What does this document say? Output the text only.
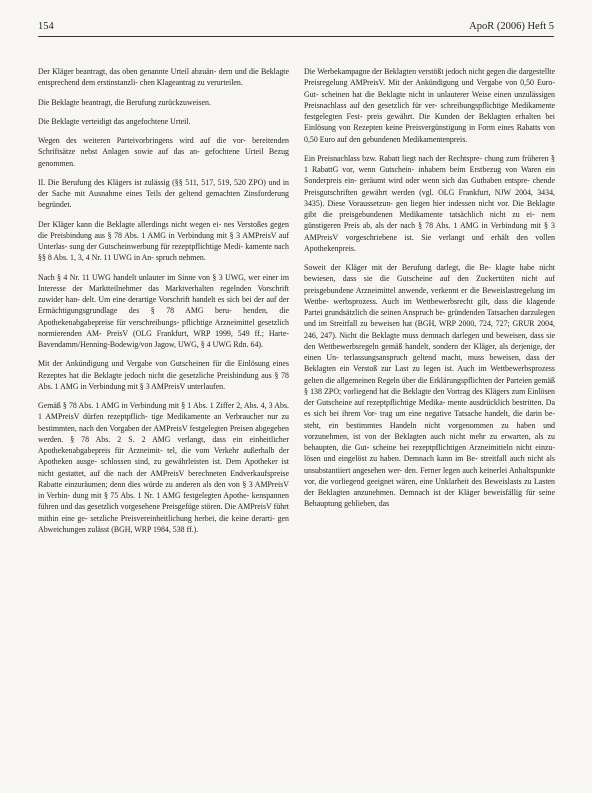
154	ApoR (2006) Heft 5

Der Kläger beantragt, das oben genannte Urteil abzuän- dern und die Beklagte entsprechend dem erstinstanzli- chen Klageantrag zu verurteilen.

Die Beklagte beantragt, die Berufung zurückzuweisen.

Die Beklagte verteidigt das angefochtene Urteil.

Wegen des weiteren Parteivorbringens wird auf die vor- bereitenden Schriftsätze nebst Anlagen sowie auf das an- gefochtene Urteil Bezug genommen.

II. Die Berufung des Klägers ist zulässig (§§ 511, 517, 519, 520 ZPO) und in der Sache mit Ausnahme eines Teils der geltend gemachten Zinsforderung begründet.

Der Kläger kann die Beklagte allerdings nicht wegen ei- nes Verstoßes gegen die Preisbindung aus § 78 Abs. 1 AMG in Verbindung mit § 3 AMPreisV auf Unterlas- sung der Gutscheinwerbung für rezeptpflichtige Medi- kamente nach §§ 8 Abs. 1, 3, 4 Nr. 11 UWG in An- spruch nehmen.

Nach § 4 Nr. 11 UWG handelt unlauter im Sinne von § 3 UWG, wer einer im Interesse der Marktteilnehmer das Marktverhalten regelnden Vorschrift zuwider han- delt. Um eine derartige Vorschrift handelt es sich bei der auf der Ermächtigungsgrundlage des § 78 AMG beru- henden, die Apothekenabgabepreise für verschreibungs- pflichtige Arzneimittel gesetzlich normierenden AM- PreisV (OLG Frankfurt, WRP 1999, 549 ff.; Harte- Bavendamm/Henning-Bodewig/von Jagow, UWG, § 4 UWG Rdn. 64).

Mit der Ankündigung und Vergabe von Gutscheinen für die Einlösung eines Rezeptes hat die Beklagte jedoch nicht die gesetzliche Preisbindung aus § 78 Abs. 1 AMG in Verbindung mit § 3 AMPreisV unterlaufen.

Gemäß § 78 Abs. 1 AMG in Verbindung mit § 1 Abs. 1 Ziffer 2, Abs. 4, 3 Abs. 1 AMPreisV dürfen rezeptpflich- tige Medikamente an Verbraucher nur zu bestimmten, nach den Vorgaben der AMPreisV festgelegten Preisen abgegeben werden. § 78 Abs. 2 S. 2 AMG verlangt, dass ein einheitlicher Apothekenabgabepreis für Arzneimit- tel, die vom Verkehr außerhalb der Apotheken ausge- schlossen sind, zu gewährleisten ist. Dem Apotheker ist nicht gestattet, auf die nach der AMPreisV berechneten Endverkaufspreise Rabatte einzuräumen; denn dies würde zu anderen als den von § 3 AMPreisV in Verbin- dung mit § 75 Abs. 1 Nr. 1 AMG festgelegten Apothe- kenspannen führen und das gesetzlich vorgesehene Preisgefüge stören. Die AMPreisV führt mithin eine ge- setzliche Preisvereinheitlichung herbei, die keine derarti- gen Abweichungen zulässt (BGH, WRP 1984, 538 ff.).

Die Werbekampagne der Beklagten verstößt jedoch nicht gegen die dargestellte Preisregelung AMPreisV. Mit der Ankündigung und Vergabe von 0,50 Euro-Gut- scheinen hat die Beklagte nicht in unlauterer Weise einen unzulässigen Preisnachlass auf den gesetzlich für ver- schreibungspflichtige Medikamente festgelegten Fest- preis gewährt. Die Kunden der Beklagten erhalten bei Einlösung von Rezepten keine Preisvergünstigung in Form eines Rabatts von 0,50 Euro auf den gebundenen Medikamentenpreis.

Ein Preisnachlass bzw. Rabatt liegt nach der Rechtspre- chung zum früheren § 1 RabattG vor, wenn Gutschein- inhabern beim Erstbezug von Waren ein Sonderpreis ein- geräumt wird oder wenn sich das Guthaben entspre- chende Preisgutschriften gewährt werden (vgl. OLG Frankfurt, NJW 2004, 3434, 3435). Diese Voraussetzun- gen liegen hier indessen nicht vor. Die Beklagte gibt die preisgebundenen Medikamente tatsächlich nicht zu ei- nem günstigeren Preis ab, als der nach § 78 Abs. 1 AMG in Verbindung mit § 3 AMPreisV vorgeschriebene ist. Sie verlangt und erhält den vollen Apothekenpreis.

Soweit der Kläger mit der Berufung darlegt, die Be- klagte habe nicht bewiesen, dass sie die Gutscheine auf den Zuckertüten nicht auf preisgebundene Arzneimittel anwende, verkennt er die Beweislastregelung im Wettbe- werbsprozess. Auch im Wettbewerbsrecht gilt, dass die klagende Partei grundsätzlich die seinen Anspruch be- gründenden Tatsachen darzulegen und im Streitfall zu beweisen hat (BGH, WRP 2000, 724, 727; GRUR 2004, 246, 247). Nicht die Beklagte muss demnach darlegen und beweisen, dass sie den Wettbewerbsregeln gemäß handelt, sondern der Kläger, als derjenige, der einen Un- terlassungsanspruch geltend macht, muss beweisen, dass der Beklagten ein Verstoß zur Last zu legen ist. Auch im Wettbewerbsprozess gelten die allgemeinen Regeln über die Erklärungspflichten der Parteien gemäß § 138 ZPO; vorliegend hat die Beklagte den Vortrag des Klägers zum Einlösen der Gutscheine auf rezeptpflichtige Medika- mente ausdrücklich bestritten. Da es sich bei ihrem Vor- trag um eine negative Tatsache handelt, die darin be- steht, ein bestimmtes Handeln nicht vorgenommen zu haben und vorzunehmen, ist von der Beklagten auch nicht mehr zu erwarten, als zu behaupten, die Gut- scheine bei rezeptpflichtigen Arzneimitteln nicht einzu- lösen und eingelöst zu haben. Demnach kann im Be- streitfall auch nicht als unsubstantiiert angesehen wer- den. Ferner legen auch keinerlei Anhaltspunkte vor, die vorliegend geeignet wären, eine Unklarheit des Beweislasts zu Lasten der Beklagten anzunehmen. Demnach ist der Kläger beweisfällig für seine Behauptung geblieben, das
